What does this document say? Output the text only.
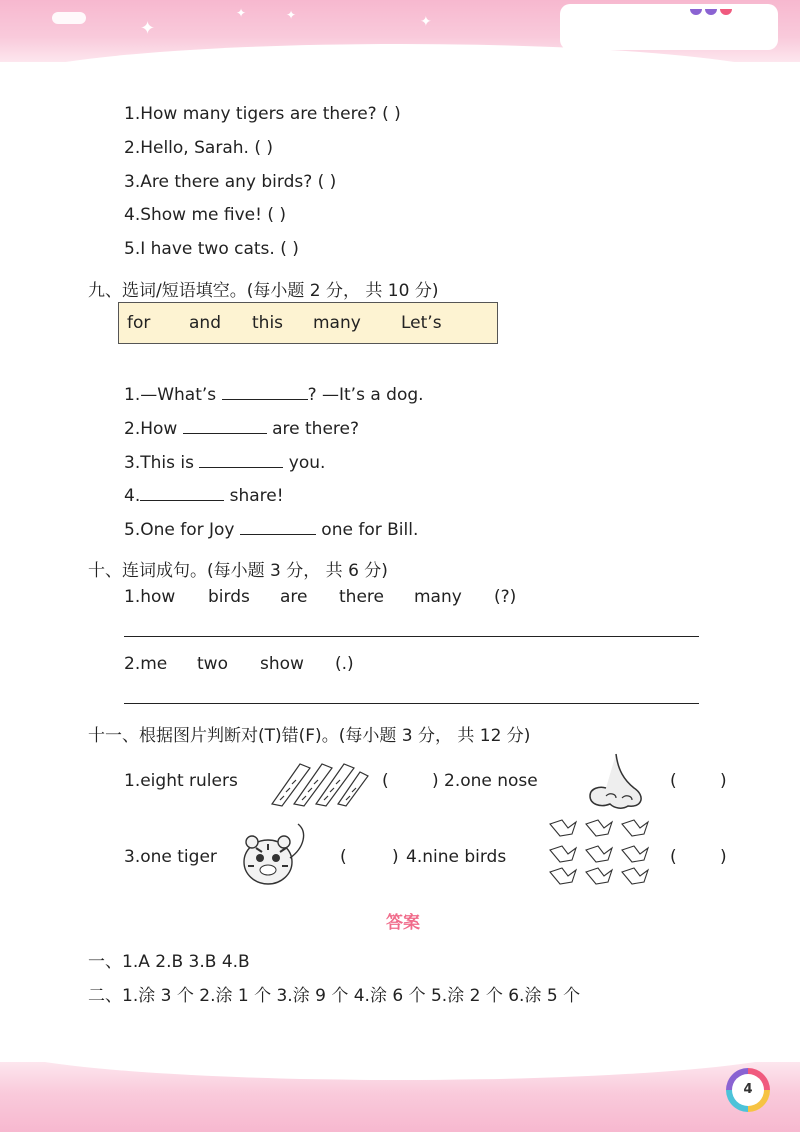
✦
✦	✦	✦
1.How many tigers are there? ( )
2.Hello, Sarah. ( )
3.Are there any birds? ( )
4.Show me five! ( )
5.I have two cats. ( )
九、选词/短语填空。(每小题 2 分， 共 10 分)
for and this many Let’s
1.—What’s	? —It’s a dog.
2.How	are there?
3.This is	you.
4.	share!
5.One for Joy	one for Bill.
十、连词成句。(每小题 3 分， 共 6 分)
1.how birds are there many (?)
2.me two show (.)
十一、根据图片判断对(T)错(F)。(每小题 3 分， 共 12 分)
1.eight rulers	(	) 2.one nose	(	)
3.one tiger	(	) 4.nine birds	(	)
答案
一、1.A 2.B 3.B 4.B
二、1.涂 3 个 2.涂 1 个 3.涂 9 个 4.涂 6 个 5.涂 2 个 6.涂 5 个
4
